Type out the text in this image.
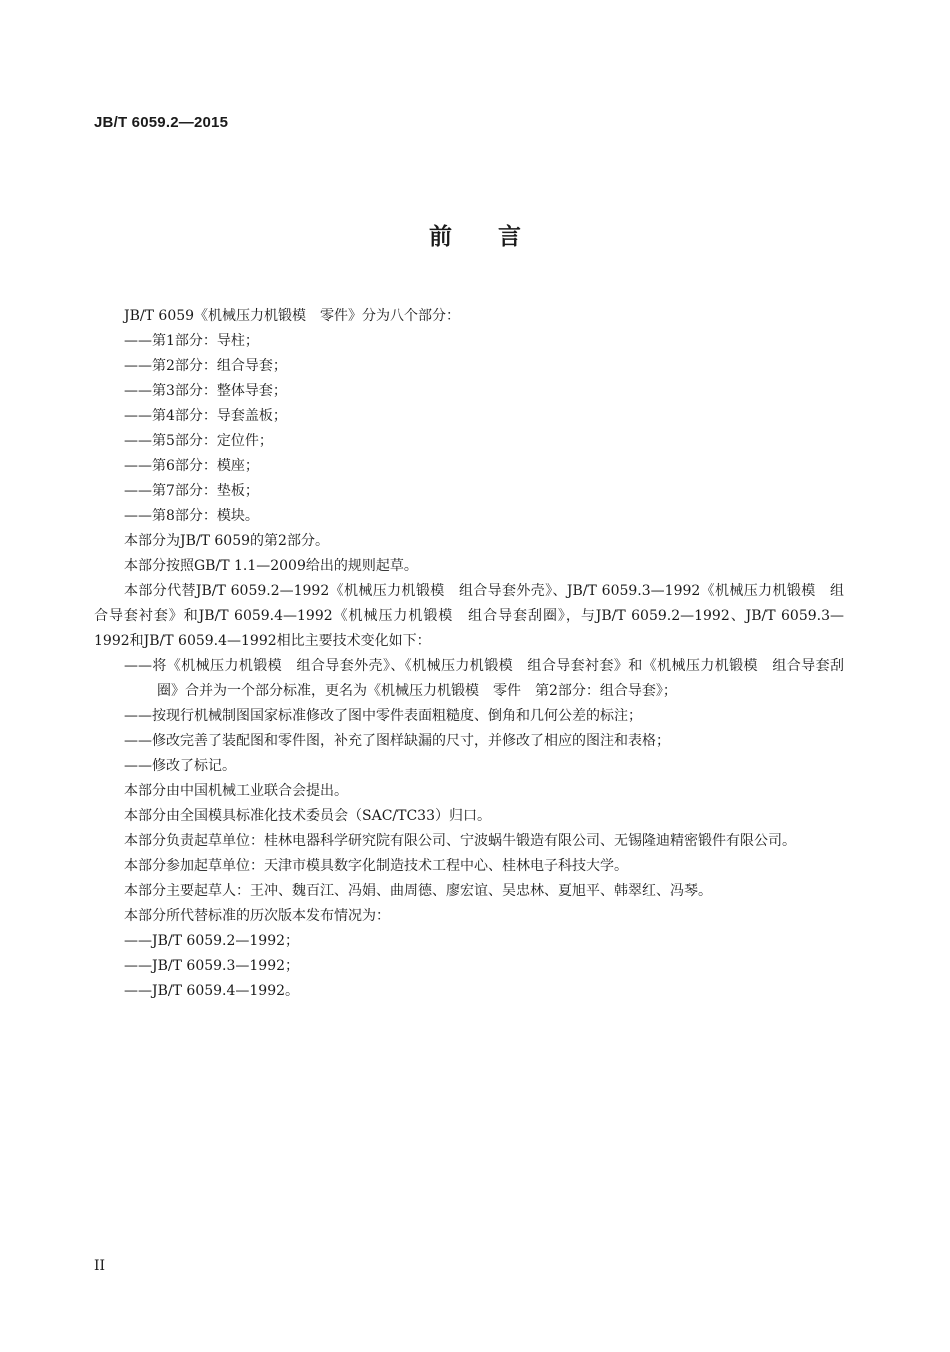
JB/T 6059.2—2015
前言

JB/T 6059《机械压力机锻模　零件》分为八个部分：

——第1部分：导柱；

——第2部分：组合导套；

——第3部分：整体导套；

——第4部分：导套盖板；

——第5部分：定位件；

——第6部分：模座；

——第7部分：垫板；

——第8部分：模块。

本部分为JB/T 6059的第2部分。

本部分按照GB/T 1.1—2009给出的规则起草。

本部分代替JB/T 6059.2—1992《机械压力机锻模　组合导套外壳》、JB/T 6059.3—1992《机械压力机锻模　组合导套衬套》和JB/T 6059.4—1992《机械压力机锻模　组合导套刮圈》，与JB/T 6059.2—1992、JB/T 6059.3—1992和JB/T 6059.4—1992相比主要技术变化如下：

——将《机械压力机锻模　组合导套外壳》、《机械压力机锻模　组合导套衬套》和《机械压力机锻模　组合导套刮圈》合并为一个部分标准，更名为《机械压力机锻模　零件　第2部分：组合导套》；

——按现行机械制图国家标准修改了图中零件表面粗糙度、倒角和几何公差的标注；

——修改完善了装配图和零件图，补充了图样缺漏的尺寸，并修改了相应的图注和表格；

——修改了标记。

本部分由中国机械工业联合会提出。

本部分由全国模具标准化技术委员会（SAC/TC33）归口。

本部分负责起草单位：桂林电器科学研究院有限公司、宁波蜗牛锻造有限公司、无锡隆迪精密锻件有限公司。

本部分参加起草单位：天津市模具数字化制造技术工程中心、桂林电子科技大学。

本部分主要起草人：王冲、魏百江、冯娟、曲周德、廖宏谊、吴忠林、夏旭平、韩翠红、冯琴。

本部分所代替标准的历次版本发布情况为：

——JB/T 6059.2—1992；

——JB/T 6059.3—1992；

——JB/T 6059.4—1992。

II
